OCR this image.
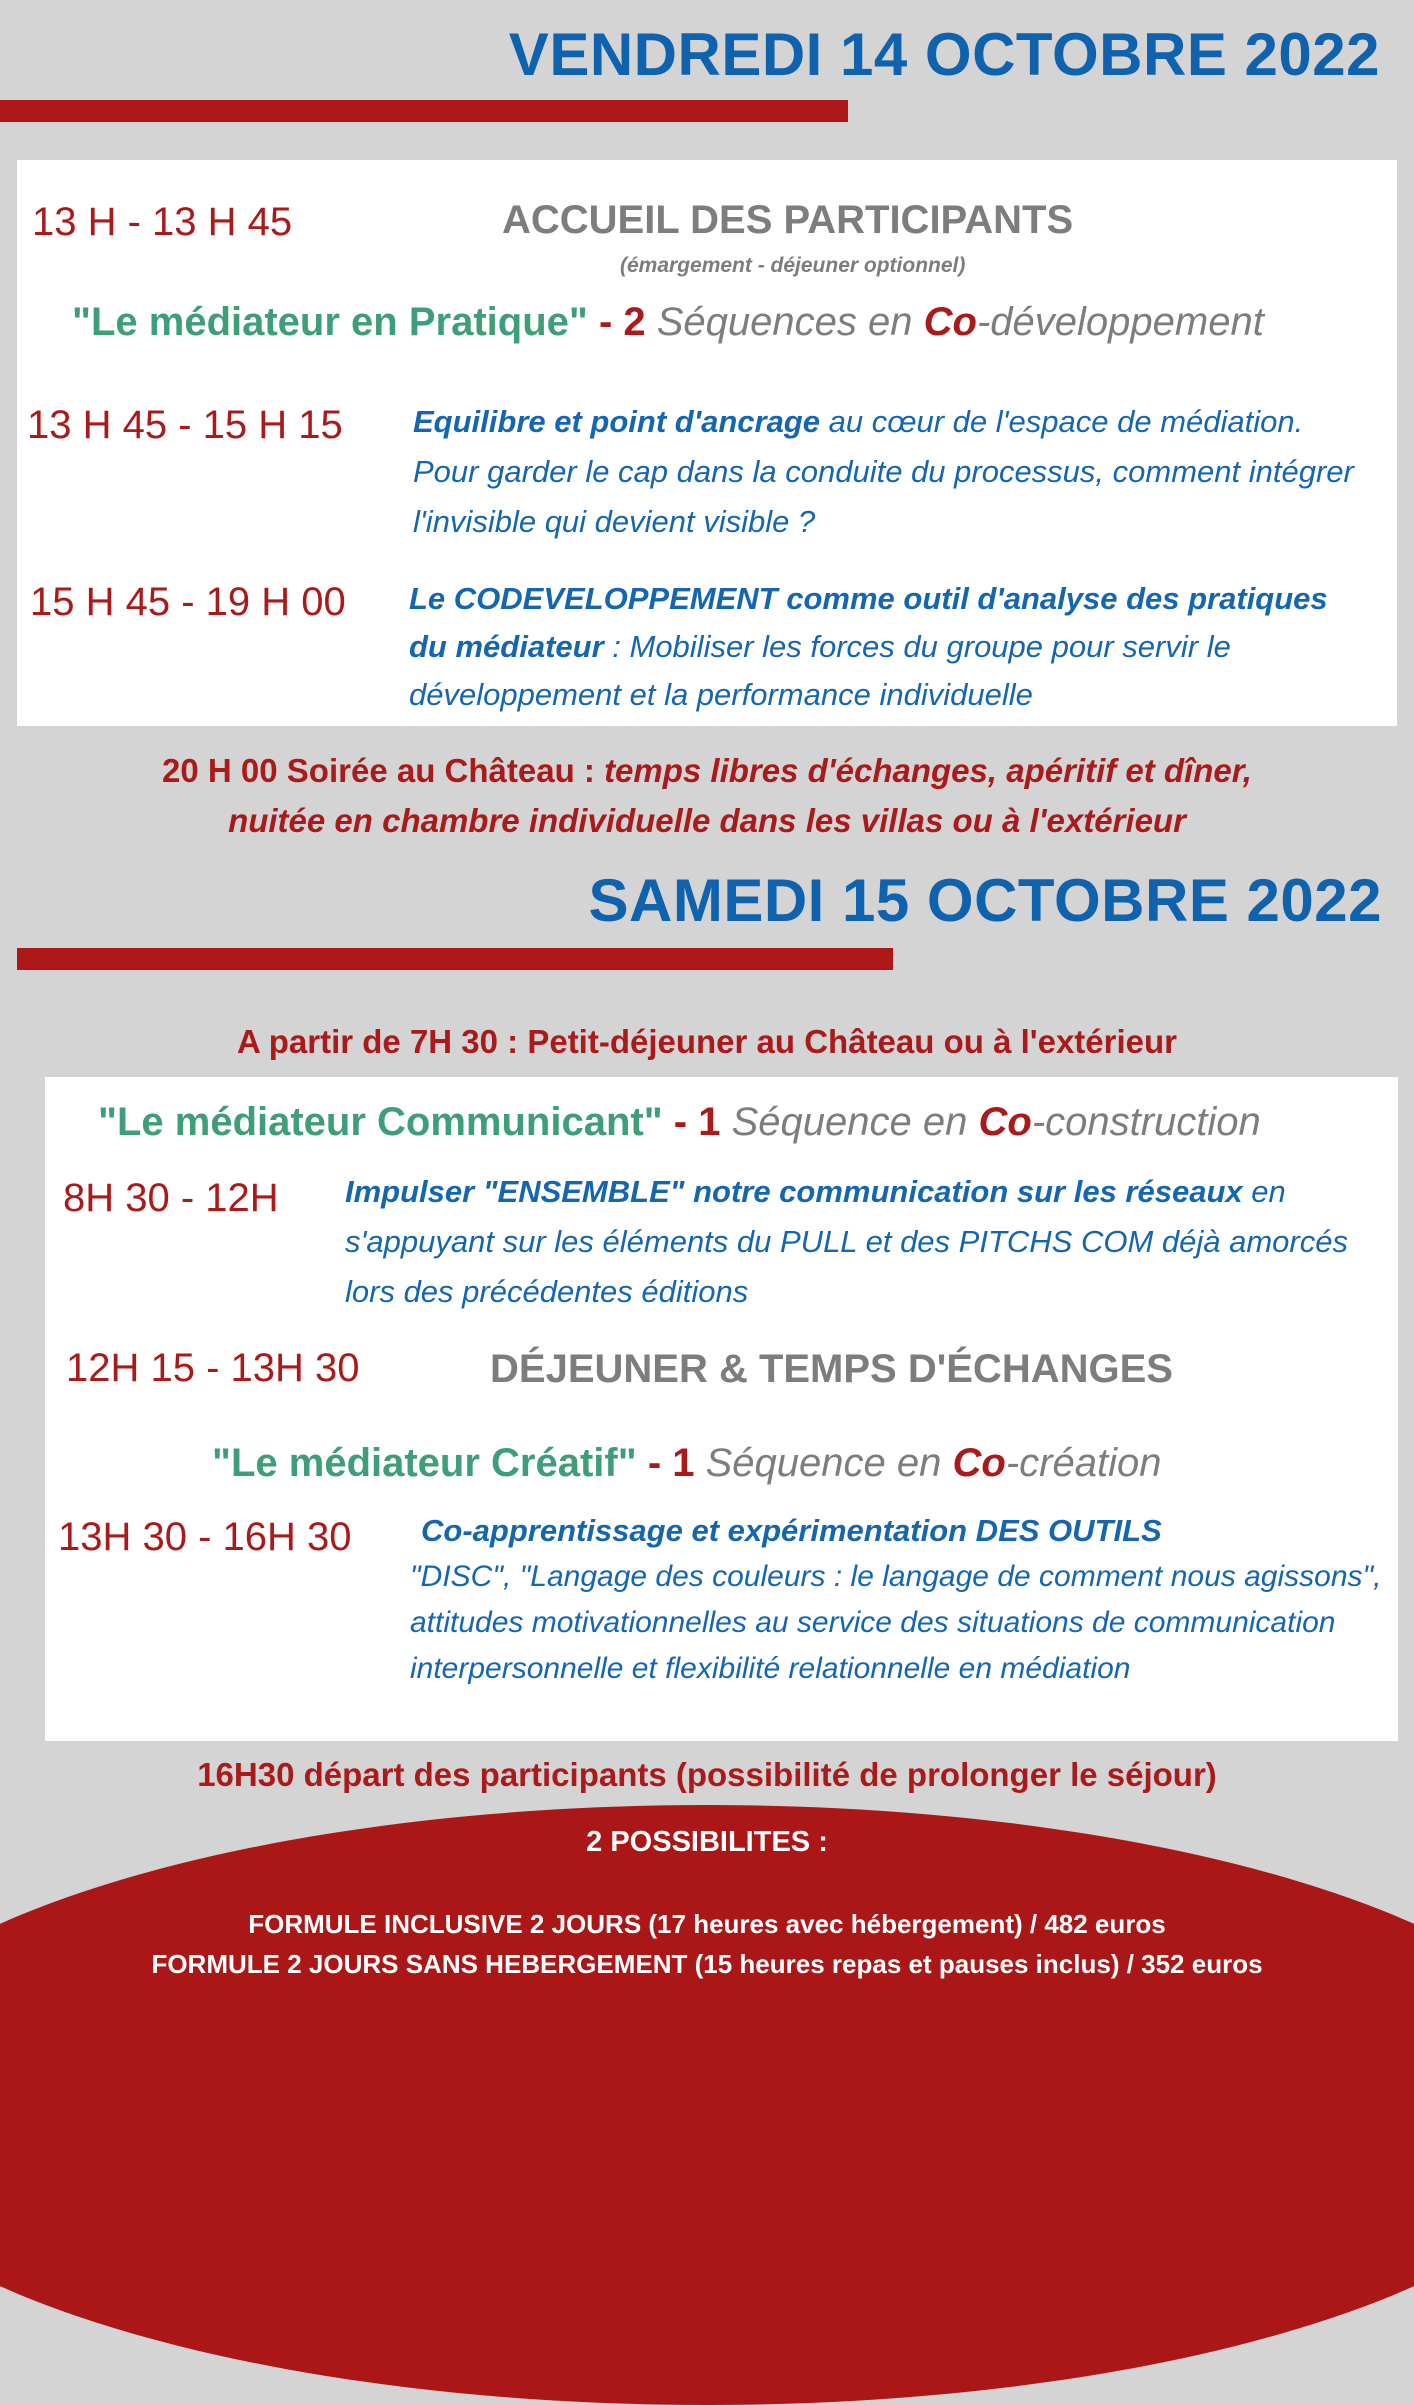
VENDREDI 14 OCTOBRE 2022
13 H - 13 H 45	ACCUEIL DES PARTICIPANTS
(émargement - déjeuner optionnel)
"Le médiateur en Pratique" - 2 Séquences en Co-développement
13 H 45 - 15 H 15 Equilibre et point d'ancrage au cœur de l'espace de médiation. Pour garder le cap dans la conduite du processus, comment intégrer l'invisible qui devient visible ?
15 H 45 - 19 H 00 Le CODEVELOPPEMENT comme outil d'analyse des pratiques du médiateur : Mobiliser les forces du groupe pour servir le développement et la performance individuelle
20 H 00 Soirée au Château : temps libres d'échanges, apéritif et dîner,
nuitée en chambre individuelle dans les villas ou à l'extérieur
SAMEDI 15 OCTOBRE 2022
A partir de 7H 30 : Petit-déjeuner au Château ou à l'extérieur
"Le médiateur Communicant" - 1 Séquence en Co-construction
8H 30 - 12H Impulser "ENSEMBLE" notre communication sur les réseaux en s'appuyant sur les éléments du PULL et des PITCHS COM déjà amorcés lors des précédentes éditions
12H 15 - 13H 30	DÉJEUNER & TEMPS D'ÉCHANGES
"Le médiateur Créatif" - 1 Séquence en Co-création
13H 30 - 16H 30 Co-apprentissage et expérimentation DES OUTILS
"DISC", "Langage des couleurs : le langage de comment nous agissons", attitudes motivationnelles au service des situations de communication interpersonnelle et flexibilité relationnelle en médiation
16H30 départ des participants (possibilité de prolonger le séjour)
2 POSSIBILITES :
FORMULE INCLUSIVE 2 JOURS (17 heures avec hébergement) / 482 euros
FORMULE 2 JOURS SANS HEBERGEMENT (15 heures repas et pauses inclus) / 352 euros
